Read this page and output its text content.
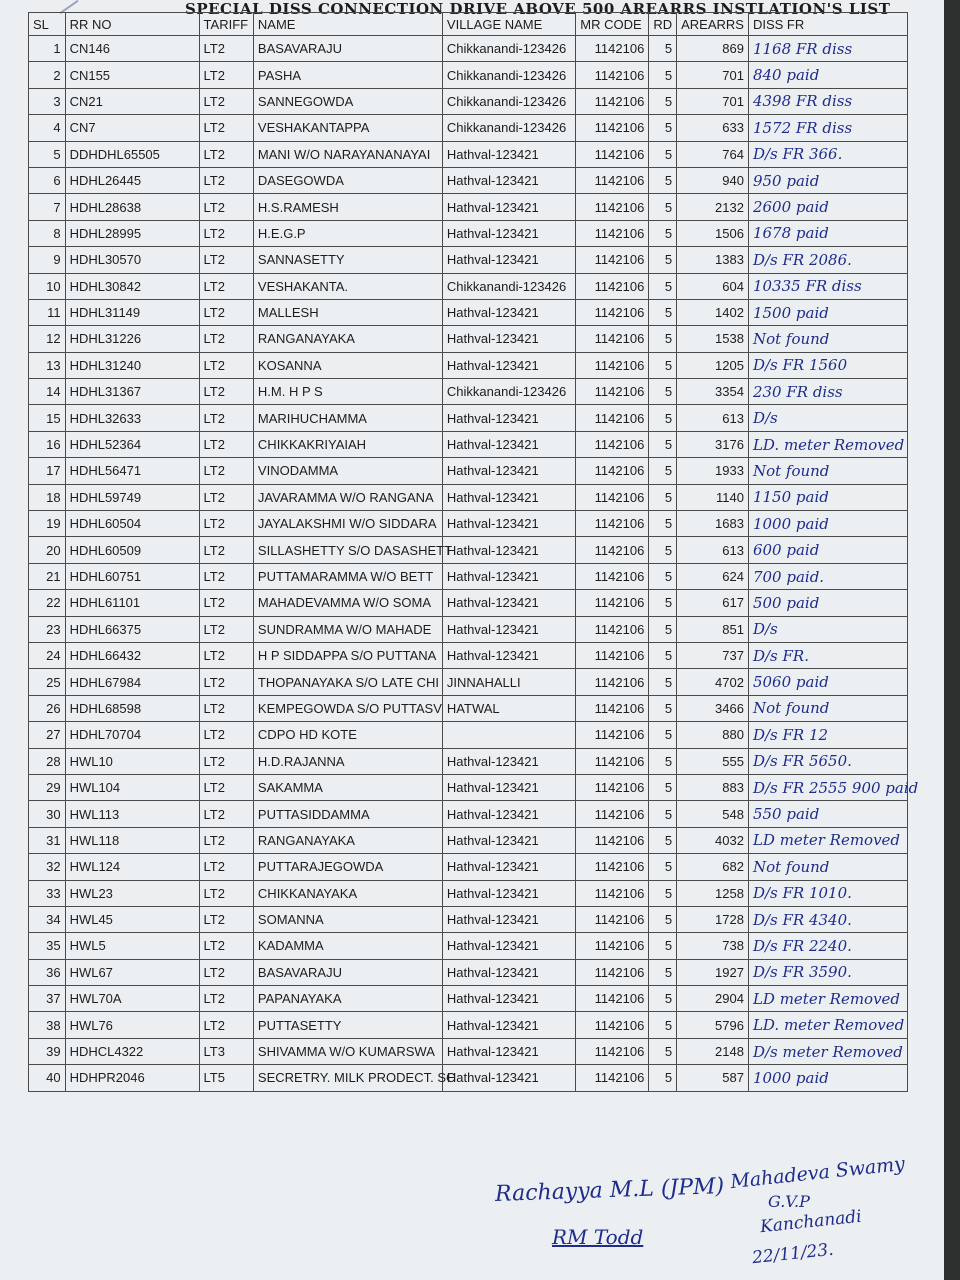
SPECIAL DISS CONNECTION DRIVE ABOVE 500 AREARRS INSTLATION'S LIST
SL	RR NO	TARIFF	NAME	VILLAGE NAME	MR CODE	RD	AREARRS	DISS FR
1	CN146	LT2	BASAVARAJU	Chikkanandi-123426	1142106	5	869	1168 FR diss
2	CN155	LT2	PASHA	Chikkanandi-123426	1142106	5	701	840 paid
3	CN21	LT2	SANNEGOWDA	Chikkanandi-123426	1142106	5	701	4398 FR diss
4	CN7	LT2	VESHAKANTAPPA	Chikkanandi-123426	1142106	5	633	1572 FR diss
5	DDHDHL65505	LT2	MANI W/O NARAYANANAYAI	Hathval-123421	1142106	5	764	D/s FR 366.
6	HDHL26445	LT2	DASEGOWDA	Hathval-123421	1142106	5	940	950 paid
7	HDHL28638	LT2	H.S.RAMESH	Hathval-123421	1142106	5	2132	2600 paid
8	HDHL28995	LT2	H.E.G.P	Hathval-123421	1142106	5	1506	1678 paid
9	HDHL30570	LT2	SANNASETTY	Hathval-123421	1142106	5	1383	D/s FR 2086.
10	HDHL30842	LT2	VESHAKANTA.	Chikkanandi-123426	1142106	5	604	10335 FR diss
11	HDHL31149	LT2	MALLESH	Hathval-123421	1142106	5	1402	1500 paid
12	HDHL31226	LT2	RANGANAYAKA	Hathval-123421	1142106	5	1538	Not found
13	HDHL31240	LT2	KOSANNA	Hathval-123421	1142106	5	1205	D/s FR 1560
14	HDHL31367	LT2	H.M. H P S	Chikkanandi-123426	1142106	5	3354	230 FR diss
15	HDHL32633	LT2	MARIHUCHAMMA	Hathval-123421	1142106	5	613	D/s
16	HDHL52364	LT2	CHIKKAKRIYAIAH	Hathval-123421	1142106	5	3176	LD. meter Removed
17	HDHL56471	LT2	VINODAMMA	Hathval-123421	1142106	5	1933	Not found
18	HDHL59749	LT2	JAVARAMMA W/O RANGANA	Hathval-123421	1142106	5	1140	1150 paid
19	HDHL60504	LT2	JAYALAKSHMI W/O SIDDARA	Hathval-123421	1142106	5	1683	1000 paid
20	HDHL60509	LT2	SILLASHETTY S/O DASASHETT	Hathval-123421	1142106	5	613	600 paid
21	HDHL60751	LT2	PUTTAMARAMMA W/O BETT	Hathval-123421	1142106	5	624	700 paid.
22	HDHL61101	LT2	MAHADEVAMMA W/O SOMA	Hathval-123421	1142106	5	617	500 paid
23	HDHL66375	LT2	SUNDRAMMA W/O MAHADE	Hathval-123421	1142106	5	851	D/s
24	HDHL66432	LT2	H P SIDDAPPA S/O PUTTANA	Hathval-123421	1142106	5	737	D/s FR.
25	HDHL67984	LT2	THOPANAYAKA S/O LATE CHI	JINNAHALLI	1142106	5	4702	5060 paid
26	HDHL68598	LT2	KEMPEGOWDA S/O PUTTASV	HATWAL	1142106	5	3466	Not found
27	HDHL70704	LT2	CDPO HD KOTE		1142106	5	880	D/s FR 12
28	HWL10	LT2	H.D.RAJANNA	Hathval-123421	1142106	5	555	D/s FR 5650.
29	HWL104	LT2	SAKAMMA	Hathval-123421	1142106	5	883	D/s FR 2555 900 paid
30	HWL113	LT2	PUTTASIDDAMMA	Hathval-123421	1142106	5	548	550 paid
31	HWL118	LT2	RANGANAYAKA	Hathval-123421	1142106	5	4032	LD meter Removed
32	HWL124	LT2	PUTTARAJEGOWDA	Hathval-123421	1142106	5	682	Not found
33	HWL23	LT2	CHIKKANAYAKA	Hathval-123421	1142106	5	1258	D/s FR 1010.
34	HWL45	LT2	SOMANNA	Hathval-123421	1142106	5	1728	D/s FR 4340.
35	HWL5	LT2	KADAMMA	Hathval-123421	1142106	5	738	D/s FR 2240.
36	HWL67	LT2	BASAVARAJU	Hathval-123421	1142106	5	1927	D/s FR 3590.
37	HWL70A	LT2	PAPANAYAKA	Hathval-123421	1142106	5	2904	LD meter Removed
38	HWL76	LT2	PUTTASETTY	Hathval-123421	1142106	5	5796	LD. meter Removed
39	HDHCL4322	LT3	SHIVAMMA W/O KUMARSWA	Hathval-123421	1142106	5	2148	D/s meter Removed
40	HDHPR2046	LT5	SECRETRY. MILK PRODECT. SC	Hathval-123421	1142106	5	587	1000 paid
Rachayya M.L (JPM)
RM Todd
Mahadeva Swamy
G.V.P
Kanchanadi
22/11/23.
